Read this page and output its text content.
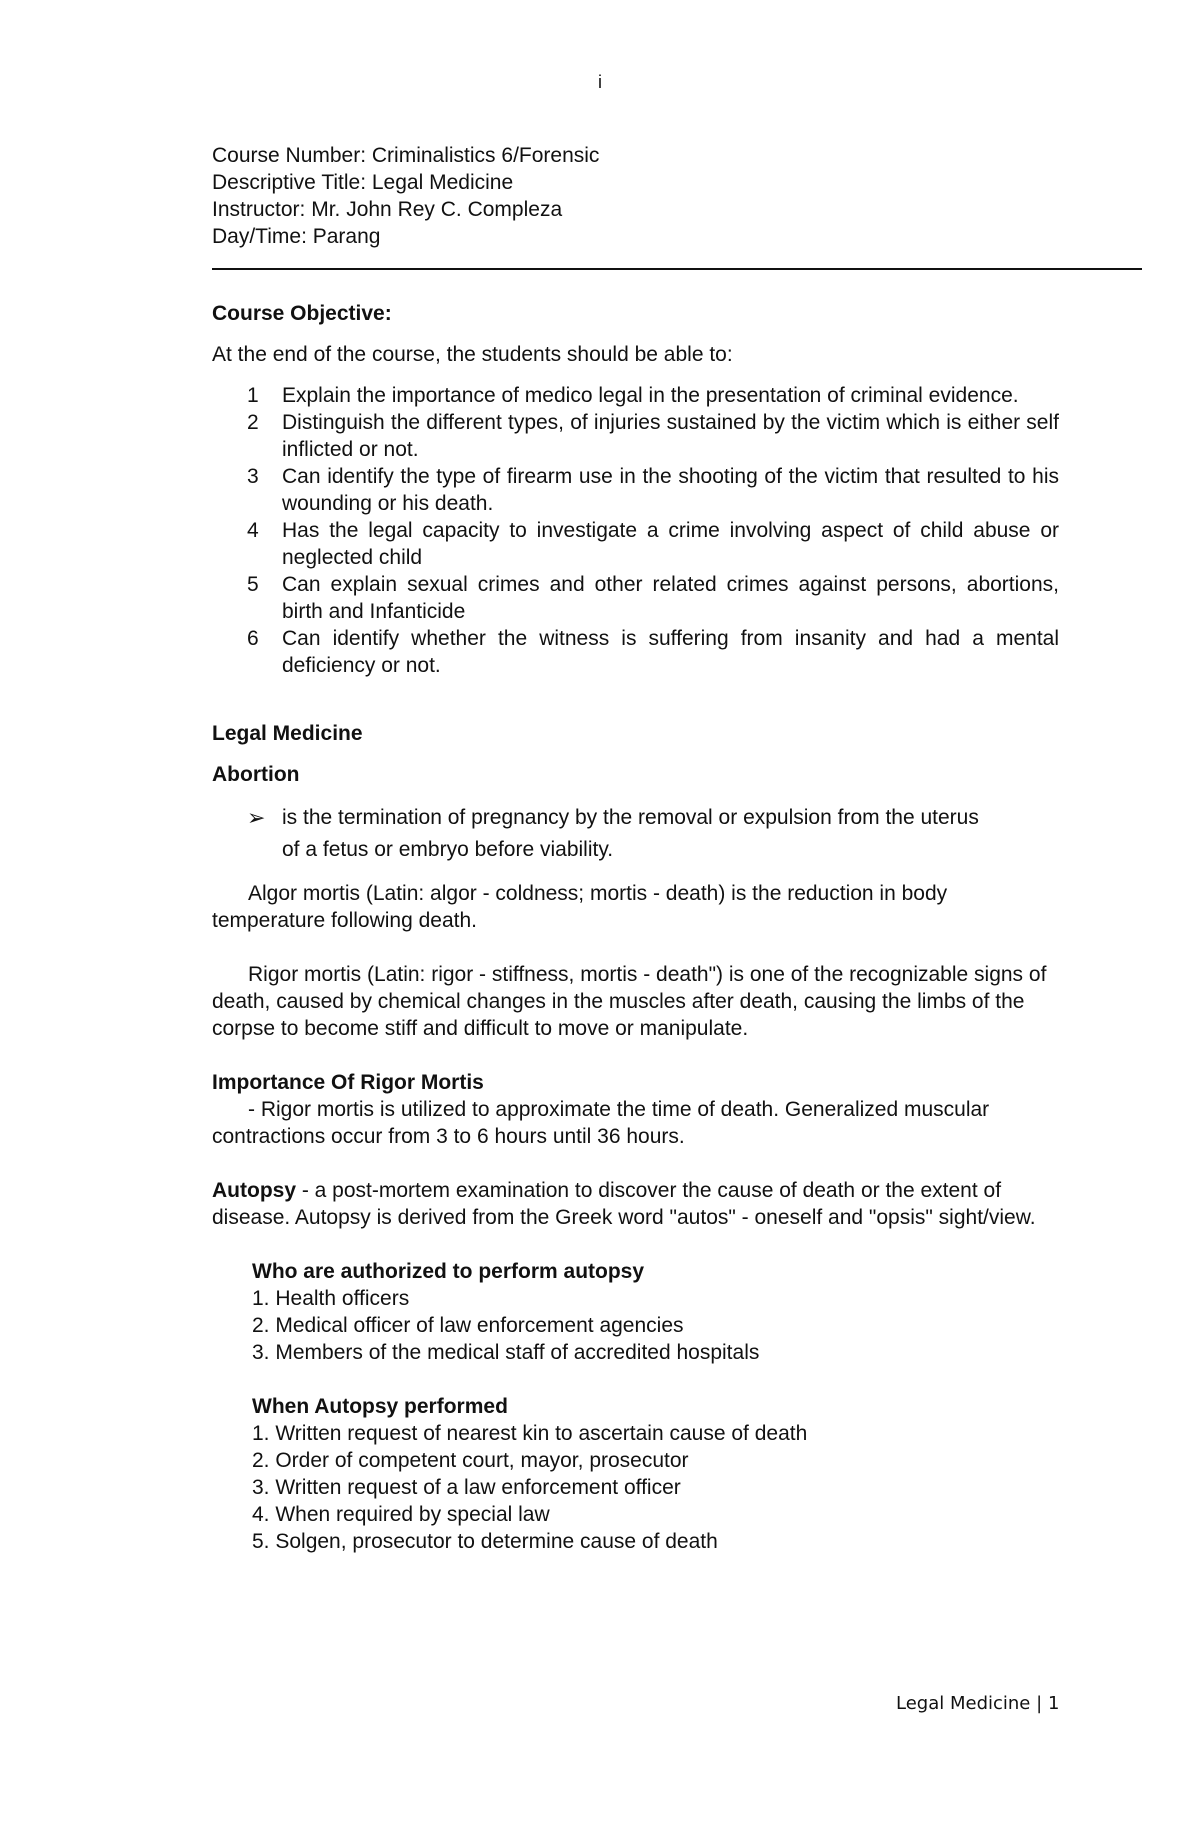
i
Course Number: Criminalistics 6/Forensic
Descriptive Title: Legal Medicine
Instructor: Mr. John Rey C. Compleza
Day/Time: Parang
Course Objective:
At the end of the course, the students should be able to:
1	Explain the importance of medico legal in the presentation of criminal evidence.
2	Distinguish the different types, of injuries sustained by the victim which is either self inflicted or not.
3	Can identify the type of firearm use in the shooting of the victim that resulted to his wounding or his death.
4	Has the legal capacity to investigate a crime involving aspect of child abuse or neglected child
5	Can explain sexual crimes and other related crimes against persons, abortions, birth and Infanticide
6	Can identify whether the witness is suffering from insanity and had a mental deficiency or not.
Legal Medicine
Abortion
➢ is the termination of pregnancy by the removal or expulsion from the uterus of a fetus or embryo before viability.
Algor mortis (Latin: algor - coldness; mortis - death) is the reduction in body temperature following death.
Rigor mortis (Latin: rigor - stiffness, mortis - death") is one of the recognizable signs of death, caused by chemical changes in the muscles after death, causing the limbs of the corpse to become stiff and difficult to move or manipulate.
Importance Of Rigor Mortis
- Rigor mortis is utilized to approximate the time of death. Generalized muscular contractions occur from 3 to 6 hours until 36 hours.
Autopsy - a post-mortem examination to discover the cause of death or the extent of disease. Autopsy is derived from the Greek word "autos" - oneself and "opsis" sight/view.
Who are authorized to perform autopsy
1. Health officers
2. Medical officer of law enforcement agencies
3. Members of the medical staff of accredited hospitals
When Autopsy performed
1. Written request of nearest kin to ascertain cause of death
2. Order of competent court, mayor, prosecutor
3. Written request of a law enforcement officer
4. When required by special law
5. Solgen, prosecutor to determine cause of death
Legal Medicine | 1
